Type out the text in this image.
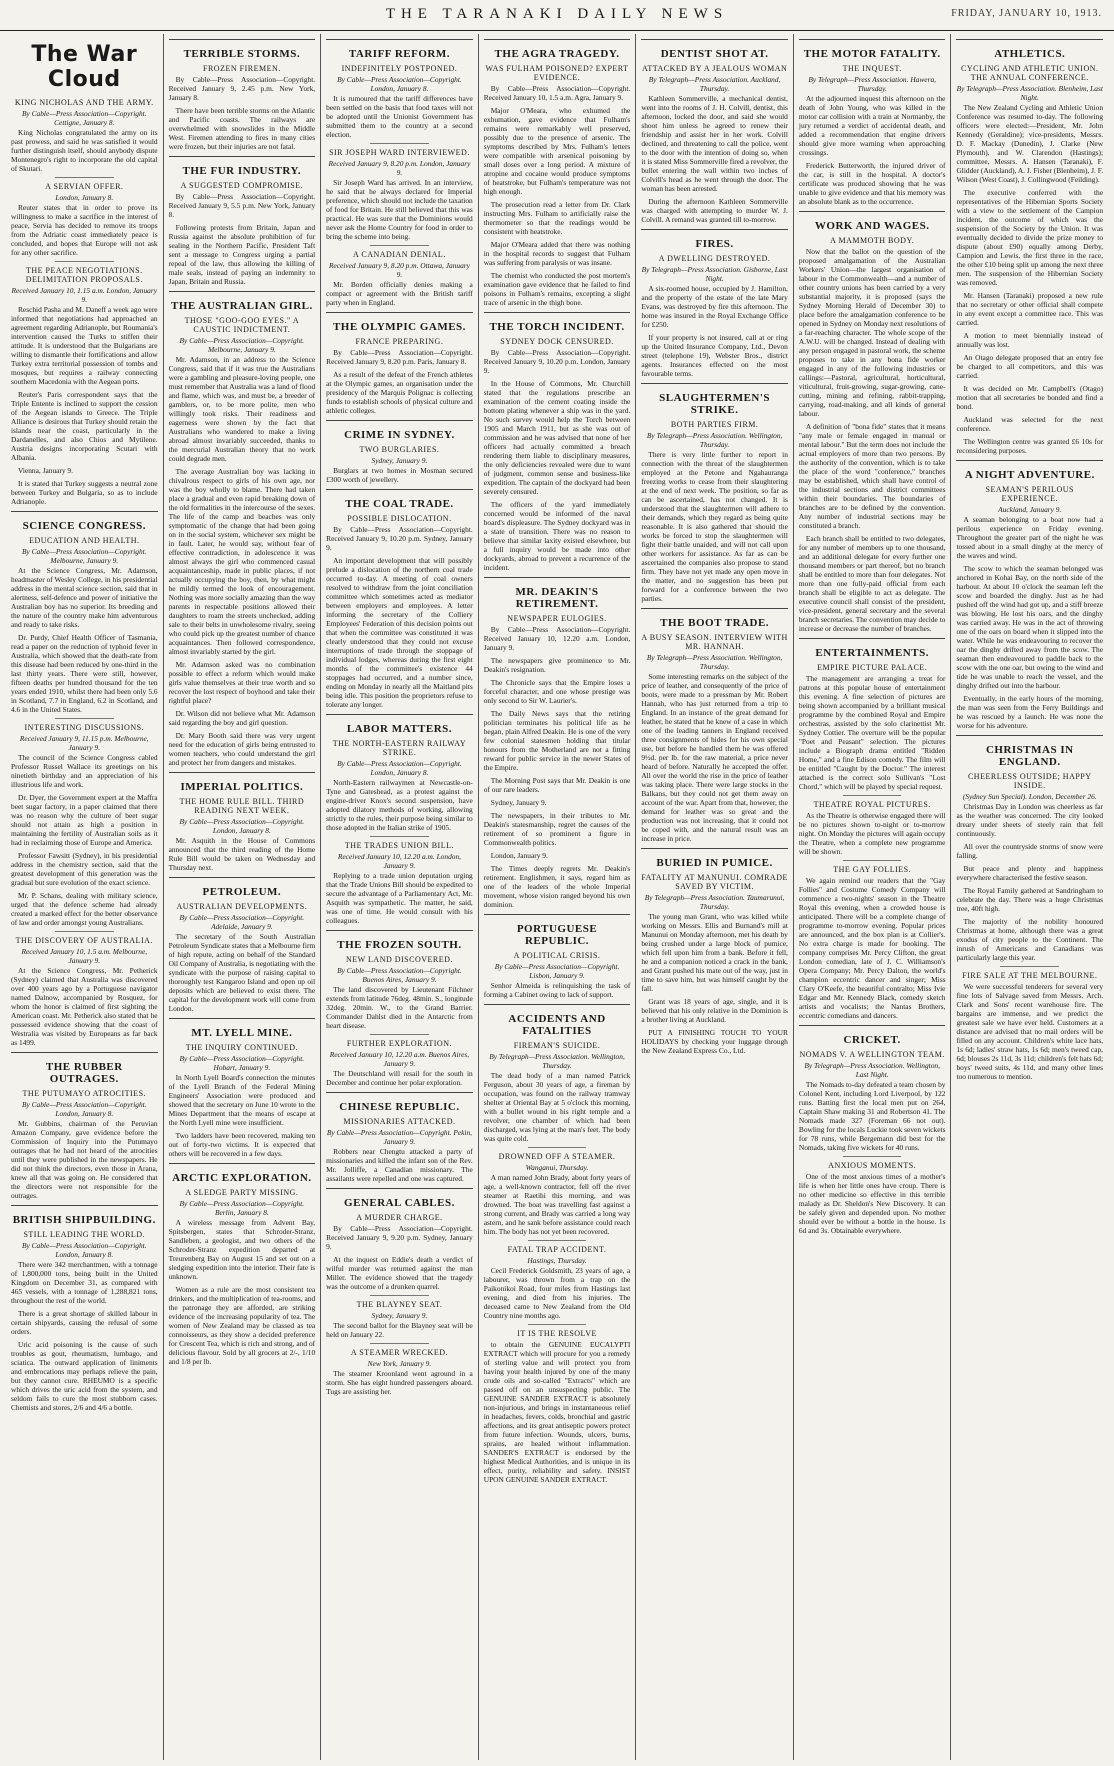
THE TARANAKI DAILY NEWS	FRIDAY, JANUARY 10, 1913.
The War Cloud
KING NICHOLAS AND THE ARMY.

By Cable—Press Association—Copyright. Cettigne, January 8.

King Nicholas congratulated the army on its past prowess, and said he was satisfied it would further distinguish itself, should anybody dispute Montenegro's right to incorporate the old capital of Skutari.

A SERVIAN OFFER.

London, January 8.

Reuter states that in order to prove its willingness to make a sacrifice in the interest of peace, Servia has decided to remove its troops from the Adriatic coast immediately peace is concluded, and hopes that Europe will not ask for any other sacrifice.

THE PEACE NEGOTIATIONS. DELIMITATION PROPOSALS.

Received January 10, 1.15 a.m. London, January 9.

Reschid Pasha and M. Daneff a week ago were informed that negotiations had approached an agreement regarding Adrianople, but Roumania's intervention caused the Turks to stiffen their attitude. It is understood that the Bulgarians are willing to dismantle their fortifications and allow Turkey extra territorial possession of tombs and mosques, but requires a railway connecting southern Macedonia with the Aegean ports.

Reuter's Paris correspondent says that the Triple Entente is inclined to support the cession of the Aegean islands to Greece. The Triple Alliance is desirous that Turkey should retain the islands near the coast, particularly in the Dardanelles, and also Chios and Mytilene. Austria designs incorporating Scutari with Albania.

Vienna, January 9.

It is stated that Turkey suggests a neutral zone between Turkey and Bulgaria, so as to include Adrianople.

SCIENCE CONGRESS.
EDUCATION AND HEALTH.

By Cable—Press Association—Copyright. Melbourne, January 9.

At the Science Congress, Mr. Adamson, headmaster of Wesley College, in his presidential address in the mental science section, said that in alertness, self-defence and power of initiative the Australian boy has no superior. Its breeding and the nature of the country make him adventurous and ready to take risks.

Dr. Purdy, Chief Health Officer of Tasmania, read a paper on the reduction of typhoid fever in Australia, which showed that the death-rate from this disease had been reduced by one-third in the last thirty years. There were still, however, fifteen deaths per hundred thousand for the ten years ended 1910, whilst there had been only 5.6 in Scotland, 7.7 in England, 6.2 in Scotland, and 4.6 in the United States.

INTERESTING DISCUSSIONS.

Received January 9, 11.15 p.m. Melbourne, January 9.

The council of the Science Congress cabled Professor Russel Wallace its greetings on his ninetieth birthday and an appreciation of his illustrious life and work.

Dr. Dyer, the Government expert at the Maffra beet sugar factory, in a paper claimed that there was no reason why the culture of beet sugar should not attain as high a position in maintaining the fertility of Australian soils as it had in reclaiming those of Europe and America.

Professor Fawsitt (Sydney), in his presidential address in the chemistry section, said that the greatest development of this generation was the gradual but sure evolution of the exact science.

Mr. P. Schans, dealing with military science, urged that the defence scheme had already created a marked effect for the better observance of law and order amongst young Australians.

THE DISCOVERY OF AUSTRALIA.

Received January 10, 1.5 a.m. Melbourne, January 9.

At the Science Congress, Mr. Petherick (Sydney) claimed that Australia was discovered over 400 years ago by a Portuguese navigator named Dalnow, accompanied by Rosquez, for whom the honor is claimed of first sighting the American coast. Mr. Petherick also stated that he possessed evidence showing that the coast of Westralia was visited by Europeans as far back as 1499.

THE RUBBER OUTRAGES.
THE PUTUMAYO ATROCITIES.

By Cable—Press Association—Copyright. London, January 8.

Mr. Gubbins, chairman of the Peruvian Amazon Company, gave evidence before the Commission of Inquiry into the Putumayo outrages that he had not heard of the atrocities until they were published in the newspapers. He did not think the directors, even those in Arana, knew all that was going on. He considered that the directors were not responsible for the outrages.

BRITISH SHIPBUILDING.
STILL LEADING THE WORLD.

By Cable—Press Association—Copyright. London, January 8.

There were 342 merchantmen, with a tonnage of 1,800,000 tons, being built in the United Kingdom on December 31, as compared with 465 vessels, with a tonnage of 1,288,821 tons, throughout the rest of the world.

There is a great shortage of skilled labour in certain shipyards, causing the refusal of some orders.

Uric acid poisoning is the cause of such troubles as gout, rheumatism, lumbago, and sciatica. The outward application of liniments and embrocations may perhaps relieve the pain, but they cannot cure. RHEUMO is a specific which drives the uric acid from the system, and seldom fails to cure the most stubborn cases. Chemists and stores, 2/6 and 4/6 a bottle.

TERRIBLE STORMS.
FROZEN FIREMEN.

By Cable—Press Association—Copyright. Received January 9, 2.45 p.m. New York, January 8.

There have been terrible storms on the Atlantic and Pacific coasts. The railways are overwhelmed with snowslides in the Middle West. Firemen attending to fires in many cities were frozen, but their injuries are not fatal.

THE FUR INDUSTRY.
A SUGGESTED COMPROMISE.

By Cable—Press Association—Copyright. Received January 9, 5.5 p.m. New York, January 8.

Following protests from Britain, Japan and Russia against the absolute prohibition of fur sealing in the Northern Pacific, President Taft sent a message to Congress urging a partial repeal of the law, thus allowing the killing of male seals, instead of paying an indemnity to Japan, Britain and Russia.

THE AUSTRALIAN GIRL.
THOSE "GOO-GOO EYES." A CAUSTIC INDICTMENT.

By Cable—Press Association—Copyright. Melbourne, January 9.

Mr. Adamson, in an address to the Science Congress, said that if it was true the Australians were a gambling and pleasure-loving people, one must remember that Australia was a land of flood and flame, which was, and must be, a breeder of gamblers, or, to be more polite, men who willingly took risks. Their readiness and eagerness were shown by the fact that Australians who wandered to make a living abroad almost invariably succeeded, thanks to the mercurial Australian theory that no work could degrade men.

The average Australian boy was lacking in chivalrous respect to girls of his own age, nor was the boy wholly to blame. There had taken place a gradual and even rapid breaking down of the old formalities in the intercourse of the sexes. The life of the camp and beaches was only symptomatic of the change that had been going on in the social system, whichever sex might be in fault. Later, he would say, without fear of effective contradiction, in adolescence it was almost always the girl who commenced casual acquaintanceship, made in public places, if not actually occupying the boy, then, by what might be mildly termed the look of encouragement. Nothing was more socially amazing than the way parents in respectable positions allowed their daughters to roam the streets unchecked, adding sale to their belts in unwholesome rivalry, seeing who could pick up the greatest number of chance acquaintances. Then followed correspondence, almost invariably started by the girl.

Mr. Adamson asked was no combination possible to effect a reform which would make girls value themselves at their true worth and so recover the lost respect of boyhood and take their rightful place?

Dr. Wilson did not believe what Mr. Adamson said regarding the boy and girl question.

Dr. Mary Booth said there was very urgent need for the education of girls being entrusted to women teachers, who could understand the girl and protect her from dangers and mistakes.

IMPERIAL POLITICS.
THE HOME RULE BILL. THIRD READING NEXT WEEK.

By Cable—Press Association—Copyright. London, January 8.

Mr. Asquith in the House of Commons announced that the third reading of the Home Rule Bill would be taken on Wednesday and Thursday next.

PETROLEUM.
AUSTRALIAN DEVELOPMENTS.

By Cable—Press Association—Copyright. Adelaide, January 9.

The secretary of the South Australian Petroleum Syndicate states that a Melbourne firm of high repute, acting on behalf of the Standard Oil Company of Australia, is negotiating with the syndicate with the purpose of raising capital to thoroughly test Kangaroo Island and open up oil deposits which are believed to exist there. The capital for the development work will come from London.

MT. LYELL MINE.
THE INQUIRY CONTINUED.

By Cable—Press Association—Copyright. Hobart, January 9.

In North Lyell Board's connection the minutes of the Lyell Branch of the Federal Mining Engineers' Association were produced and showed that the secretary on June 10 wrote to the Mines Department that the means of escape at the North Lyell mine were insufficient.

Two ladders have been recovered, making ten out of forty-two victims. It is expected that others will be recovered in a few days.

ARCTIC EXPLORATION.
A SLEDGE PARTY MISSING.

By Cable—Press Association—Copyright. Berlin, January 8.

A wireless message from Advent Bay, Spitsbergen, states that Schroder-Stranz, Sandleben, a geologist, and two others of the Schroder-Stranz expedition departed at Treurenberg Bay on August 15 and set out on a sledging expedition into the interior. Their fate is unknown.

Women as a rule are the most consistent tea drinkers, and the multiplication of tea-rooms, and the patronage they are afforded, are striking evidence of the increasing popularity of tea. The women of New Zealand may be classed as tea connoisseurs, as they show a decided preference for Crescent Tea, which is rich and strong, and of delicious flavour. Sold by all grocers at 2/-, 1/10 and 1/8 per lb.

TARIFF REFORM.
INDEFINITELY POSTPONED.

By Cable—Press Association—Copyright. London, January 8.

It is rumoured that the tariff differences have been settled on the basis that food taxes will not be adopted until the Unionist Government has submitted them to the country at a second election.

SIR JOSEPH WARD INTERVIEWED.

Received January 9, 8.20 p.m. London, January 9.

Sir Joseph Ward has arrived. In an interview, he said that he always declared for Imperial preference, which should not include the taxation of food for Britain. He still believed that this was practical. He was sure that the Dominions would never ask the Home Country for food in order to bring the scheme into being.

A CANADIAN DENIAL.

Received January 9, 8.20 p.m. Ottawa, January 9.

Mr. Borden officially denies making a compact or agreement with the British tariff party when in England.

THE OLYMPIC GAMES.
FRANCE PREPARING.

By Cable—Press Association—Copyright. Received January 9, 8.20 p.m. Paris, January 8.

As a result of the defeat of the French athletes at the Olympic games, an organisation under the presidency of the Marquis Polignac is collecting funds to establish schools of physical culture and athletic colleges.

CRIME IN SYDNEY.
TWO BURGLARIES.

Sydney, January 9.

Burglars at two homes in Mosman secured £300 worth of jewellery.

THE COAL TRADE.
POSSIBLE DISLOCATION.

By Cable—Press Association—Copyright. Received January 9, 10.20 p.m. Sydney, January 9.

An important development that will possibly prelude a dislocation of the northern coal trade occurred to-day. A meeting of coal owners resolved to withdraw from the joint conciliation committee which sometimes acted as mediator between employers and employees. A letter informing the secretary of the Colliery Employees' Federation of this decision points out that when the committee was constituted it was clearly understood that they could not excuse interruptions of trade through the stoppage of individual lodges, whereas during the first eight months of the committee's existence 44 stoppages had occurred, and a number since, ending on Monday in nearly all the Maitland pits being idle. This position the proprietors refuse to tolerate any longer.

LABOR MATTERS.
THE NORTH-EASTERN RAILWAY STRIKE.

By Cable—Press Association—Copyright. London, January 8.

North-Eastern railwaymen at Newcastle-on-Tyne and Gateshead, as a protest against the engine-driver Knox's second suspension, have adopted dilatory methods of working, allowing strictly to the rules, their purpose being similar to those adopted in the Italian strike of 1905.

THE TRADES UNION BILL.

Received January 10, 12.20 a.m. London, January 9.

Replying to a trade union deputation urging that the Trade Unions Bill should be expedited to secure the advantage of a Parliamentary Act, Mr. Asquith was sympathetic. The matter, he said, was one of time. He would consult with his colleagues.

THE FROZEN SOUTH.
NEW LAND DISCOVERED.

By Cable—Press Association—Copyright. Buenos Aires, January 9.

The land discovered by Lieutenant Filchner extends from latitude 76deg. 48min. S., longitude 32deg. 20min. W., to the Grand Barrier. Commander Dahlst died in the Antarctic from heart disease.

FURTHER EXPLORATION.

Received January 10, 12.20 a.m. Buenos Aires, January 9.

The Deutschland will resail for the south in December and continue her polar exploration.

CHINESE REPUBLIC.
MISSIONARIES ATTACKED.

By Cable—Press Association—Copyright. Pekin, January 9.

Robbers near Chengtu attacked a party of missionaries and killed the infant son of the Rev. Mr. Jolliffe, a Canadian missionary. The assailants were repelled and one was captured.

GENERAL CABLES.
A MURDER CHARGE.

By Cable—Press Association—Copyright. Received January 9, 9.20 p.m. Sydney, January 9.

At the inquest on Eddie's death a verdict of wilful murder was returned against the man Miller. The evidence showed that the tragedy was the outcome of a drunken quarrel.

THE BLAYNEY SEAT.

Sydney, January 9.

The second ballot for the Blayney seat will be held on January 22.

A STEAMER WRECKED.

New York, January 9.

The steamer Kroonland went aground in a storm. She has eight hundred passengers aboard. Tugs are assisting her.

THE AGRA TRAGEDY.
WAS FULHAM POISONED? EXPERT EVIDENCE.

By Cable—Press Association—Copyright. Received January 10, 1.5 a.m. Agra, January 9.

Major O'Meara, who exhumed the exhumation, gave evidence that Fulham's remains were remarkably well preserved, possibly due to the presence of arsenic. The symptoms described by Mrs. Fulham's letters were compatible with arsenical poisoning by small doses over a long period. A mixture of atropine and cocaine would produce symptoms of heatstroke, but Fulham's temperature was not high enough.

The prosecution read a letter from Dr. Clark instructing Mrs. Fulham to artificially raise the thermometer so that the readings would be consistent with heatstroke.

Major O'Meara added that there was nothing in the hospital records to suggest that Fulham was suffering from paralysis or was insane.

The chemist who conducted the post mortem's examination gave evidence that he failed to find poisons in Fulham's remains, excepting a slight trace of arsenic in the thigh bone.

THE TORCH INCIDENT.
SYDNEY DOCK CENSURED.

By Cable—Press Association—Copyright. Received January 9, 10.20 p.m. London, January 9.

In the House of Commons, Mr. Churchill stated that the regulations prescribe an examination of the cement coating inside the bottom plating whenever a ship was in the yard. No such survey would help the Torch between 1905 and March 1911, but as she was out of commission and he was advised that none of her officers had actually committed a breach rendering them liable to disciplinary measures, the only deficiencies revealed were due to want of judgment, common sense and business-like expedition. The captain of the dockyard had been severely censured.

The officers of the yard immediately concerned would be informed of the naval board's displeasure. The Sydney dockyard was in a state of transition. There was no reason to believe that similar laxity existed elsewhere, but a full inquiry would be made into other dockyards, abroad to prevent a recurrence of the incident.

MR. DEAKIN'S RETIREMENT.
NEWSPAPER EULOGIES.

By Cable—Press Association—Copyright. Received January 10, 12.20 a.m. London, January 9.

The newspapers give prominence to Mr. Deakin's resignation.

The Chronicle says that the Empire loses a forceful character, and one whose prestige was only second to Sir W. Laurier's.

The Daily News says that the retiring politician terminates his political life as he began, plain Alfred Deakin. He is one of the very few colonial statesmen holding that titular honours from the Motherland are not a fitting reward for public service in the newer States of the Empire.

The Morning Post says that Mr. Deakin is one of our rare leaders.

Sydney, January 9.

The newspapers, in their tributes to Mr. Deakin's statesmanship, regret the causes of the retirement of so prominent a figure in Commonwealth politics.

London, January 9.

The Times deeply regrets Mr. Deakin's retirement. Englishmen, it says, regard him as one of the leaders of the whole Imperial movement, whose vision ranged beyond his own dominion.

PORTUGUESE REPUBLIC.
A POLITICAL CRISIS.

By Cable—Press Association—Copyright. Lisbon, January 9.

Senhor Almeida is relinquishing the task of forming a Cabinet owing to lack of support.

ACCIDENTS AND FATALITIES
FIREMAN'S SUICIDE.

By Telegraph—Press Association. Wellington, Thursday.

The dead body of a man named Patrick Ferguson, about 30 years of age, a fireman by occupation, was found on the railway tramway shelter at Oriental Bay at 5 o'clock this morning, with a bullet wound in his right temple and a revolver, one chamber of which had been discharged, was lying at the man's feet. The body was quite cold.

DROWNED OFF A STEAMER.

Wanganui, Thursday.

A man named John Brady, about forty years of age, a well-known contractor, fell off the river steamer at Raetihi this morning, and was drowned. The boat was travelling fast against a strong current, and Brady was carried a long way astern, and he sank before assistance could reach him. The body has not yet been recovered.

FATAL TRAP ACCIDENT.

Hastings, Thursday.

Cecil Frederick Goldsmith, 23 years of age, a labourer, was thrown from a trap on the Paikonikoi Road, four miles from Hastings last evening, and died from his injuries. The deceased came to New Zealand from the Old Country nine months ago.

IT IS THE RESOLVE

to obtain the GENUINE EUCALYPTI EXTRACT which will procure for you a remedy of sterling value and will protect you from having your health injured by one of the many crude oils and so-called "Extracts" which are passed off on an unsuspecting public. The GENUINE SANDER EXTRACT is absolutely non-injurious, and brings in instantaneous relief in headaches, fevers, colds, bronchial and gastric affections, and its great antiseptic powers protect from future infection. Wounds, ulcers, burns, sprains, are healed without inflammation. SANDER'S EXTRACT is endorsed by the highest Medical Authorities, and is unique in its effect, purity, reliability and safety. INSIST UPON GENUINE SANDER EXTRACT.

DENTIST SHOT AT.
ATTACKED BY A JEALOUS WOMAN

By Telegraph—Press Association. Auckland, Thursday.

Kathleen Sommerville, a mechanical dentist, went into the rooms of J. H. Colvill, dentist, this afternoon, locked the door, and said she would shoot him unless he agreed to renew their friendship and assist her in her work. Colvill declined, and threatening to call the police, went to the door with the intention of doing so, when it is stated Miss Sommerville fired a revolver, the bullet entering the wall within two inches of Colvill's head as he went through the door. The woman has been arrested.

During the afternoon Kathleen Sommerville was charged with attempting to murder W. J. Colvill. A remand was granted till to-morrow.

FIRES.
A DWELLING DESTROYED.

By Telegraph—Press Association. Gisborne, Last Night.

A six-roomed house, occupied by J. Hamilton, and the property of the estate of the late Mary Evans, was destroyed by fire this afternoon. The home was insured in the Royal Exchange Office for £250.

If your property is not insured, call at or ring up the United Insurance Company, Ltd., Devon street (telephone 19), Webster Bros., district agents. Insurances effected on the most favourable terms.

SLAUGHTERMEN'S STRIKE.
BOTH PARTIES FIRM.

By Telegraph—Press Association. Wellington, Thursday.

There is very little further to report in connection with the threat of the slaughtermen employed at the Petone and Ngahauranga freezing works to cease from their slaughtering at the end of next week. The position, so far as can be ascertained, has not changed. It is understood that the slaughtermen will adhere to their demands, which they regard as being quite reasonable. It is also gathered that should the works be forced to stop the slaughtermen will fight their battle unaided, and will not call upon other workers for assistance. As far as can be ascertained the companies also propose to stand firm. They have not yet made any open move in the matter, and no suggestion has been put forward for a conference between the two parties.

THE BOOT TRADE.
A BUSY SEASON. INTERVIEW WITH MR. HANNAH.

By Telegraph—Press Association. Wellington, Thursday.

Some interesting remarks on the subject of the price of leather, and consequently of the price of boots, were made to a pressman by Mr. Robert Hannah, who has just returned from a trip to England. In an instance of the great demand for leather, he stated that he knew of a case in which one of the leading tanners in England received three consignments of hides for his own special use, but before he handled them he was offered 9½d. per lb. for the raw material, a price never heard of before. Naturally he accepted the offer. All over the world the rise in the price of leather was taking place. There were large stocks in the Balkans, but they could not get them away on account of the war. Apart from that, however, the demand for leather was so great and the production was not increasing, that it could not be coped with, and the natural result was an increase in price.

BURIED IN PUMICE.
FATALITY AT MANUNUI. COMRADE SAVED BY VICTIM.

By Telegraph—Press Association. Taumarunui, Thursday.

The young man Grant, who was killed while working on Messrs. Ellis and Burnand's mill at Manunui on Monday afternoon, met his death by being crushed under a large block of pumice, which fell upon him from a bank. Before it fell, he and a companion noticed a crack in the bank, and Grant pushed his mate out of the way, just in time to save him, but was himself caught by the fall.

Grant was 18 years of age, single, and it is believed that his only relative in the Dominion is a brother living at Auckland.

PUT A FINISHING TOUCH TO YOUR HOLIDAYS by checking your luggage through the New Zealand Express Co., Ltd.

THE MOTOR FATALITY.
THE INQUEST.

By Telegraph—Press Association. Hawera, Thursday.

At the adjourned inquest this afternoon on the death of John Young, who was killed in the motor car collision with a train at Normanby, the jury returned a verdict of accidental death, and added a recommendation that engine drivers should give more warning when approaching crossings.

Frederick Butterworth, the injured driver of the car, is still in the hospital. A doctor's certificate was produced showing that he was unable to give evidence and that his memory was an absolute blank as to the occurrence.

WORK AND WAGES.
A MAMMOTH BODY.

Now that the ballot on the question of the proposed amalgamation of the Australian Workers' Union—the largest organisation of labour in the Commonwealth—and a number of other country unions has been carried by a very substantial majority, it is proposed (says the Sydney Morning Herald of December 30) to place before the amalgamation conference to be opened in Sydney on Monday next resolutions of a far-reaching character. The whole scope of the A.W.U. will be changed. Instead of dealing with any person engaged in pastoral work, the scheme proposes to take in any bona fide worker engaged in any of the following industries or callings:—Pastoral, agricultural, horticultural, viticultural, fruit-growing, sugar-growing, cane-cutting, mining and refining, rabbit-trapping, carrying, road-making, and all kinds of general labour.

A definition of "bona fide" states that it means "any male or female engaged in manual or mental labour." But the term does not include the actual employers of more than two persons. By the authority of the convention, which is to take the place of the word "conference," branches may be established, which shall have control of the industrial sections and district committees within their boundaries. The boundaries of branches are to be defined by the convention. Any number of industrial sections may be constituted a branch.

Each branch shall be entitled to two delegates, for any number of members up to one thousand, and an additional delegate for every further one thousand members or part thereof, but no branch shall be entitled to more than four delegates. Not more than one fully-paid official from each branch shall be eligible to act as delegate. The executive council shall consist of the president, vice-president, general secretary and the several branch secretaries. The convention may decide to increase or decrease the number of branches.

ENTERTAINMENTS.
EMPIRE PICTURE PALACE.

The management are arranging a treat for patrons at this popular house of entertainment this evening. A fine selection of pictures are being shown accompanied by a brilliant musical programme by the combined Royal and Empire orchestras, assisted by the solo clarinettist Mr. Sydney Cottier. The overture will be the popular "Poet and Peasant" selection. The pictures include a Biograph drama entitled "Ridden Home," and a fine Edison comedy. The film will be entitled "Caught by the Doctor." The interest attached is the correct solo Sullivan's "Lost Chord," which will be played by special request.

THEATRE ROYAL PICTURES.

As the Theatre is otherwise engaged there will be no pictures shown to-night or to-morrow night. On Monday the pictures will again occupy the Theatre, when a complete new programme will be shown.

THE GAY FOLLIES.

We again remind our readers that the "Gay Follies" and Costume Comedy Company will commence a two-nights' season in the Theatre Royal this evening, when a crowded house is anticipated. There will be a complete change of programme to-morrow evening. Popular prices are announced, and the box plan is at Collier's. No extra charge is made for booking. The company comprises Mr. Percy Clifton, the great London comedian, late of J. C. Williamson's Opera Company; Mr. Percy Dalton, the world's champion eccentric dancer and singer; Miss Clary O'Keefe, the beautiful contralto; Miss Ivie Edgar and Mr. Kennedy Black, comedy sketch artists and vocalists; the Nantas Brothers, eccentric comedians and dancers.

CRICKET.
NOMADS V. A WELLINGTON TEAM.

By Telegraph—Press Association. Wellington, Last Night.

The Nomads to-day defeated a team chosen by Colonel Kent, including Lord Liverpool, by 122 runs. Batting first the local men put on 264, Captain Shaw making 31 and Robertson 41. The Nomads made 327 (Foreman 66 not out). Bowling for the locals Luckie took seven wickets for 78 runs, while Bergemann did best for the Nomads, taking five wickets for 40 runs.

ANXIOUS MOMENTS.

One of the most anxious times of a mother's life is when her little ones have croup. There is no other medicine so effective in this terrible malady as Dr. Sheldon's New Discovery. It can be safely given and depended upon. No mother should ever be without a bottle in the house. 1s 6d and 3s. Obtainable everywhere.

ATHLETICS.
CYCLING AND ATHLETIC UNION. THE ANNUAL CONFERENCE.

By Telegraph—Press Association. Blenheim, Last Night.

The New Zealand Cycling and Athletic Union Conference was resumed to-day. The following officers were elected:—President, Mr. John Kennedy (Geraldine); vice-presidents, Messrs. D. F. Mackay (Dunedin), J. Clarke (New Plymouth), and W. Clarendon (Hastings); committee, Messrs. A. Hansen (Taranaki), F. Glidder (Auckland), A. J. Fisher (Blenheim), J. F. Wilson (West Coast), J. Collingwood (Feilding).

The executive conferred with the representatives of the Hibernian Sports Society with a view to the settlement of the Campion incident, the outcome of which was the suspension of the Society by the Union. It was eventually decided to divide the prize money to dispute (about £90) equally among Derby, Campion and Lewis, the first three in the race, the other £10 being split up among the next three men. The suspension of the Hibernian Society was removed.

Mr. Hansen (Taranaki) proposed a new rule that no secretary or other official shall compete in any event except a committee race. This was carried.

A motion to meet biennially instead of annually was lost.

An Otago delegate proposed that an entry fee be charged to all competitors, and this was carried.

It was decided on Mr. Campbell's (Otago) motion that all secretaries be bonded and find a bond.

Auckland was selected for the next conference.

The Wellington centre was granted £6 10s for reconsidering purposes.

A NIGHT ADVENTURE.
SEAMAN'S PERILOUS EXPERIENCE.

Auckland, January 9.

A seaman belonging to a boat now had a perilous experience on Friday evening. Throughout the greater part of the night he was tossed about in a small dinghy at the mercy of the waves and wind.

The scow to which the seaman belonged was anchored in Kohai Bay, on the north side of the harbour. At about 10 o'clock the seaman left the scow and boarded the dinghy. Just as he had pushed off the wind had got up, and a stiff breeze was blowing. He lost his oars, and the dinghy was carried away. He was in the act of throwing one of the oars on board when it slipped into the water. While he was endeavouring to recover the oar the dinghy drifted away from the scow. The seaman then endeavoured to paddle back to the scow with the one oar, but owing to the wind and tide he was unable to reach the vessel, and the dinghy drifted out into the harbour.

Eventually, in the early hours of the morning, the man was seen from the Ferry Buildings and he was rescued by a launch. He was none the worse for his adventure.

CHRISTMAS IN ENGLAND.
CHEERLESS OUTSIDE; HAPPY INSIDE.

(Sydney Sun Special). London, December 26.

Christmas Day in London was cheerless as far as the weather was concerned. The city looked dreary under sheets of steely rain that fell continuously.

All over the countryside storms of snow were falling.

But peace and plenty and happiness everywhere characterised the festive season.

The Royal Family gathered at Sandringham to celebrate the day. There was a huge Christmas tree, 40ft high.

The majority of the nobility honoured Christmas at home, although there was a great exodus of city people to the Continent. The inrush of Americans and Canadians was particularly large this year.

FIRE SALE AT THE MELBOURNE.

We were successful tenderers for several very fine lots of Salvage saved from Messrs. Arch. Clark and Sons' recent warehouse fire. The bargains are immense, and we predict the greatest sale we have ever held. Customers at a distance are advised that no mail orders will be filled on any account. Children's white lace hats, 1s 6d; ladies' straw hats, 1s 6d; men's tweed cap, 6d; blouses 2s 11d, 3s 11d; children's felt hats 6d; boys' tweed suits, 4s 11d, and many other lines too numerous to mention.
